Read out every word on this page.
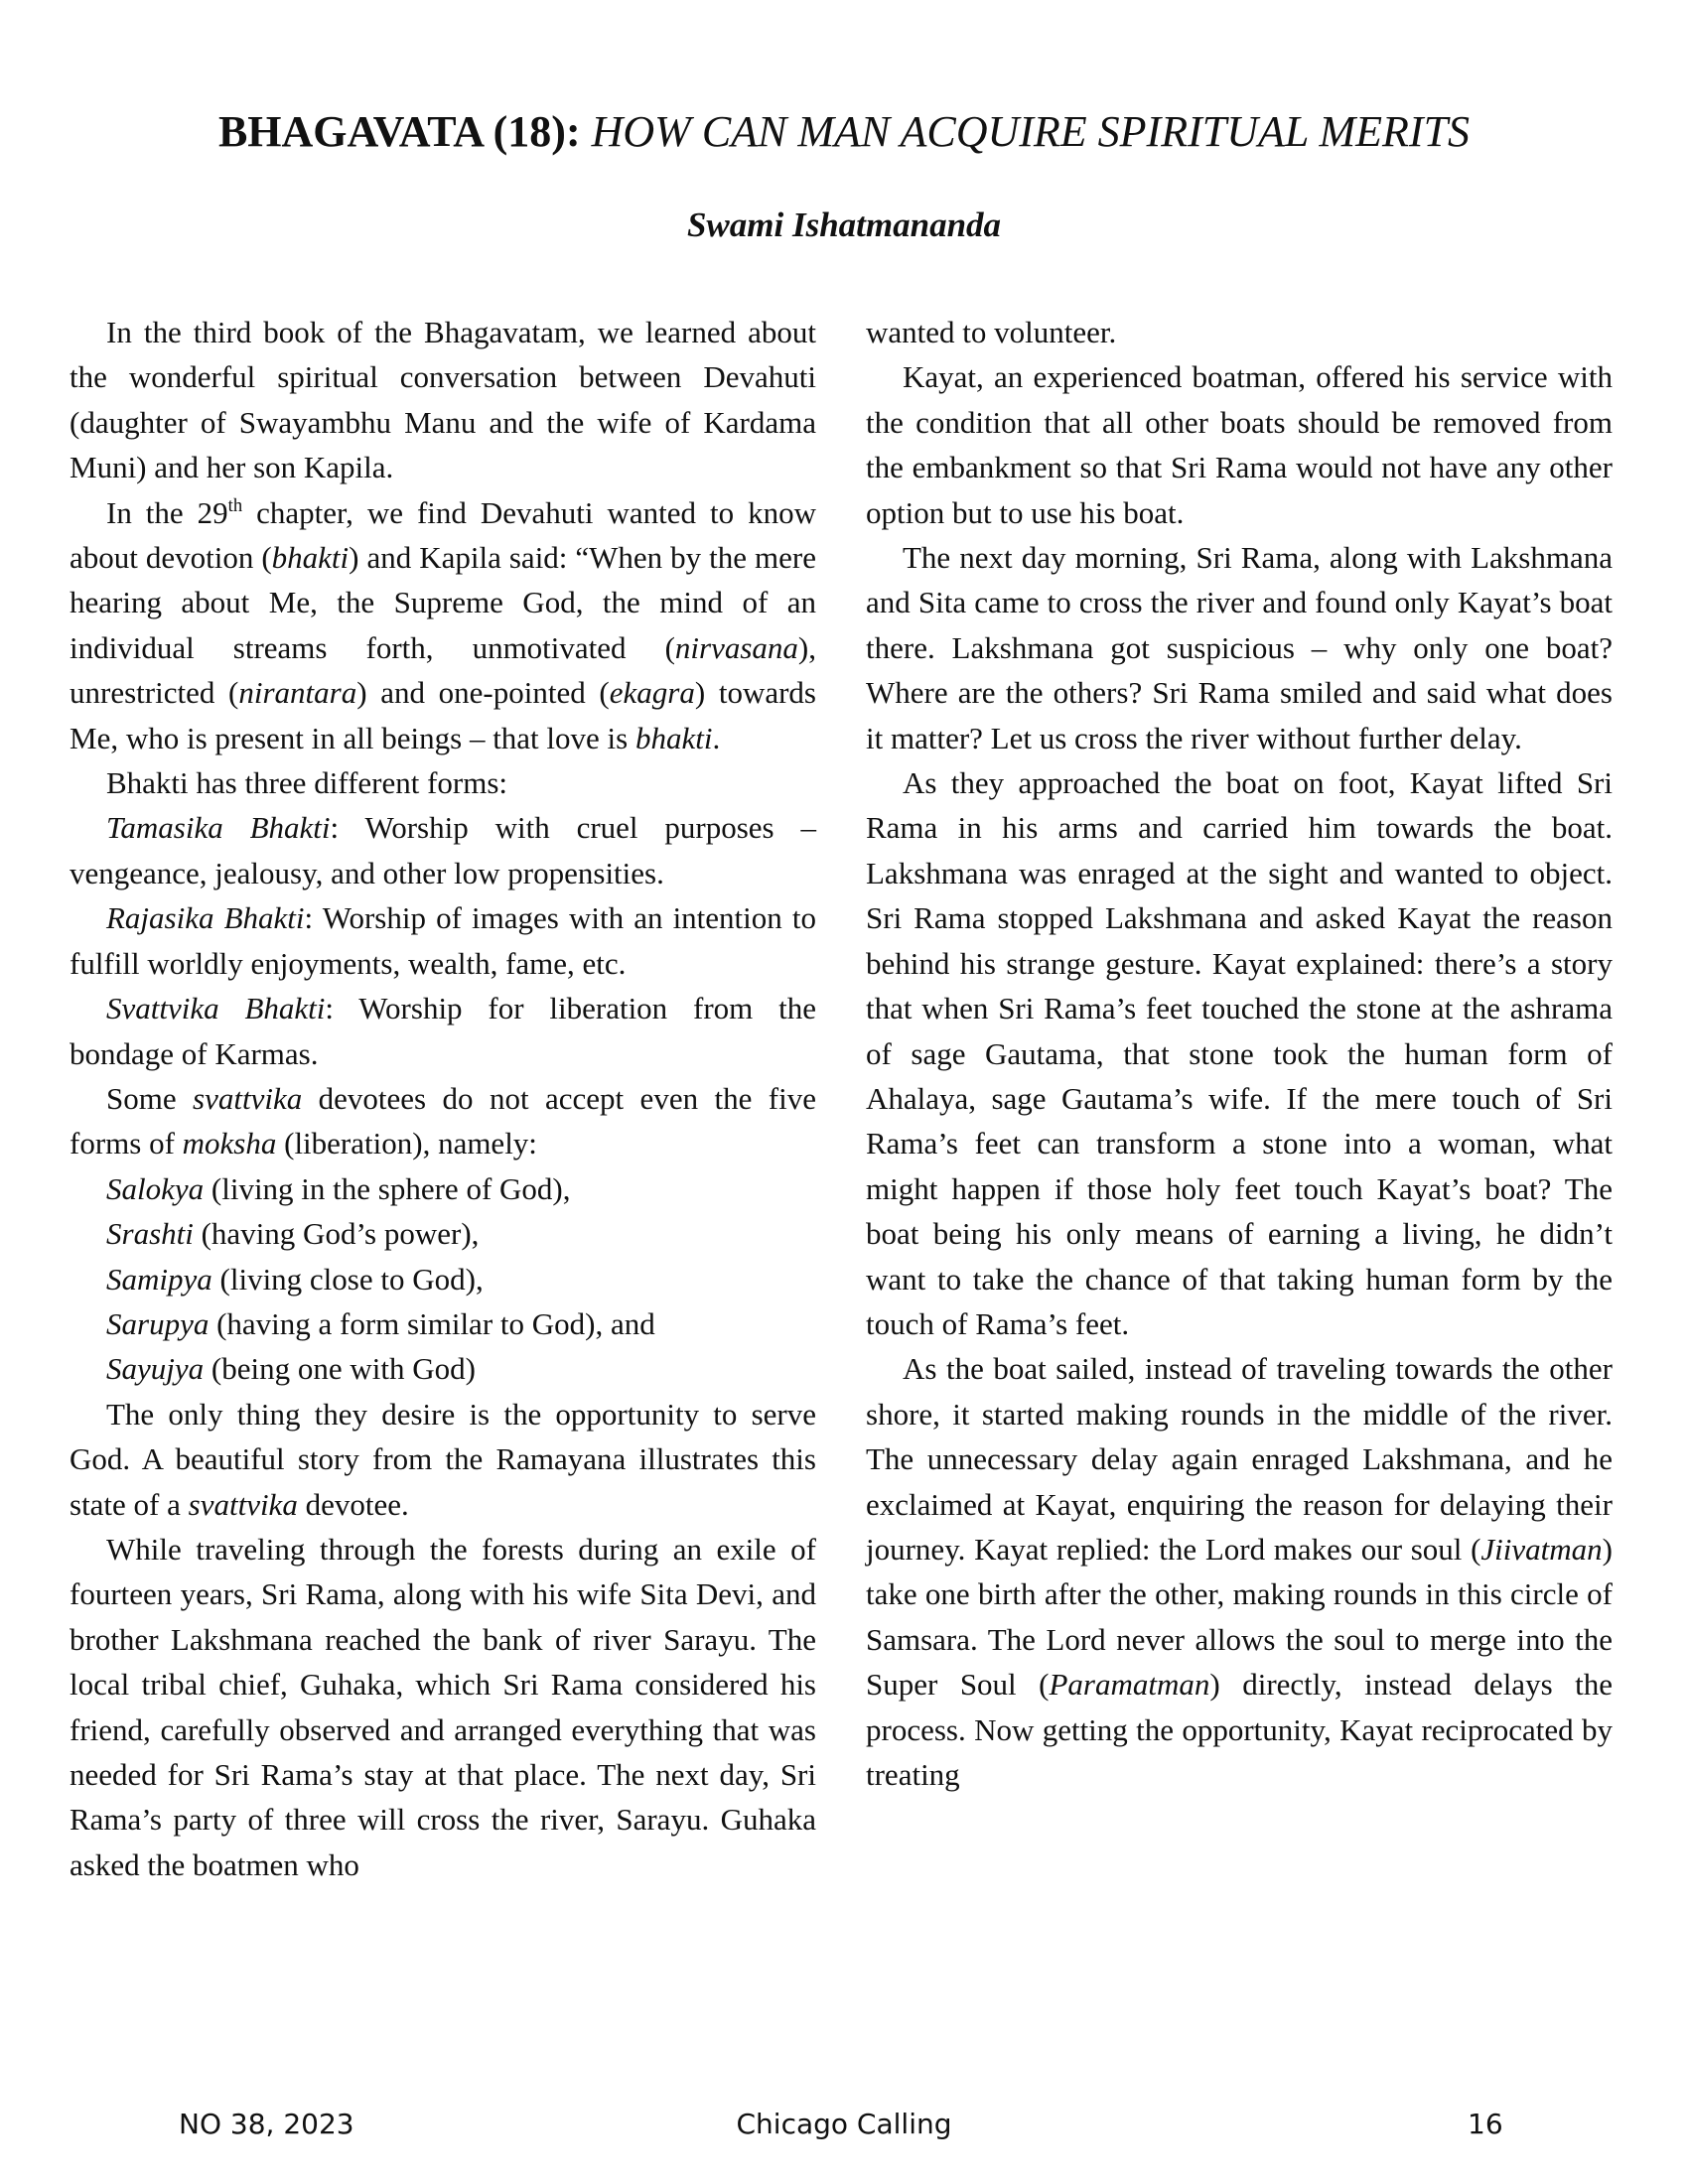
BHAGAVATA (18): HOW CAN MAN ACQUIRE SPIRITUAL MERITS
Swami Ishatmananda

In the third book of the Bhagavatam, we learned about the wonderful spiritual conversation between Devahuti (daughter of Swayambhu Manu and the wife of Kardama Muni) and her son Kapila.

In the 29th chapter, we find Devahuti wanted to know about devotion (bhakti) and Kapila said: “When by the mere hearing about Me, the Supreme God, the mind of an individual streams forth, unmotivated (nirvasana), unrestricted (nirantara) and one-pointed (ekagra) towards Me, who is present in all beings – that love is bhakti.

Bhakti has three different forms:

Tamasika Bhakti: Worship with cruel purposes – vengeance, jealousy, and other low propensities.

Rajasika Bhakti: Worship of images with an intention to fulfill worldly enjoyments, wealth, fame, etc.

Svattvika Bhakti: Worship for liberation from the bondage of Karmas.

Some svattvika devotees do not accept even the five forms of moksha (liberation), namely:

Salokya (living in the sphere of God),

Srashti (having God’s power),

Samipya (living close to God),

Sarupya (having a form similar to God), and

Sayujya (being one with God)

The only thing they desire is the opportunity to serve God. A beautiful story from the Ramayana illustrates this state of a svattvika devotee.

While traveling through the forests during an exile of fourteen years, Sri Rama, along with his wife Sita Devi, and brother Lakshmana reached the bank of river Sarayu. The local tribal chief, Guhaka, which Sri Rama considered his friend, carefully observed and arranged everything that was needed for Sri Rama’s stay at that place. The next day, Sri Rama’s party of three will cross the river, Sarayu. Guhaka asked the boatmen who

wanted to volunteer.

Kayat, an experienced boatman, offered his service with the condition that all other boats should be removed from the embankment so that Sri Rama would not have any other option but to use his boat.

The next day morning, Sri Rama, along with Lakshmana and Sita came to cross the river and found only Kayat’s boat there. Lakshmana got suspicious – why only one boat? Where are the others? Sri Rama smiled and said what does it matter? Let us cross the river without further delay.

As they approached the boat on foot, Kayat lifted Sri Rama in his arms and carried him towards the boat. Lakshmana was enraged at the sight and wanted to object. Sri Rama stopped Lakshmana and asked Kayat the reason behind his strange gesture. Kayat explained: there’s a story that when Sri Rama’s feet touched the stone at the ashrama of sage Gautama, that stone took the human form of Ahalaya, sage Gautama’s wife. If the mere touch of Sri Rama’s feet can transform a stone into a woman, what might happen if those holy feet touch Kayat’s boat? The boat being his only means of earning a living, he didn’t want to take the chance of that taking human form by the touch of Rama’s feet.

As the boat sailed, instead of traveling towards the other shore, it started making rounds in the middle of the river. The unnecessary delay again enraged Lakshmana, and he exclaimed at Kayat, enquiring the reason for delaying their journey. Kayat replied: the Lord makes our soul (Jiivatman) take one birth after the other, making rounds in this circle of Samsara. The Lord never allows the soul to merge into the Super Soul (Paramatman) directly, instead delays the process. Now getting the opportunity, Kayat reciprocated by treating

NO 38, 2023	Chicago Calling	16
